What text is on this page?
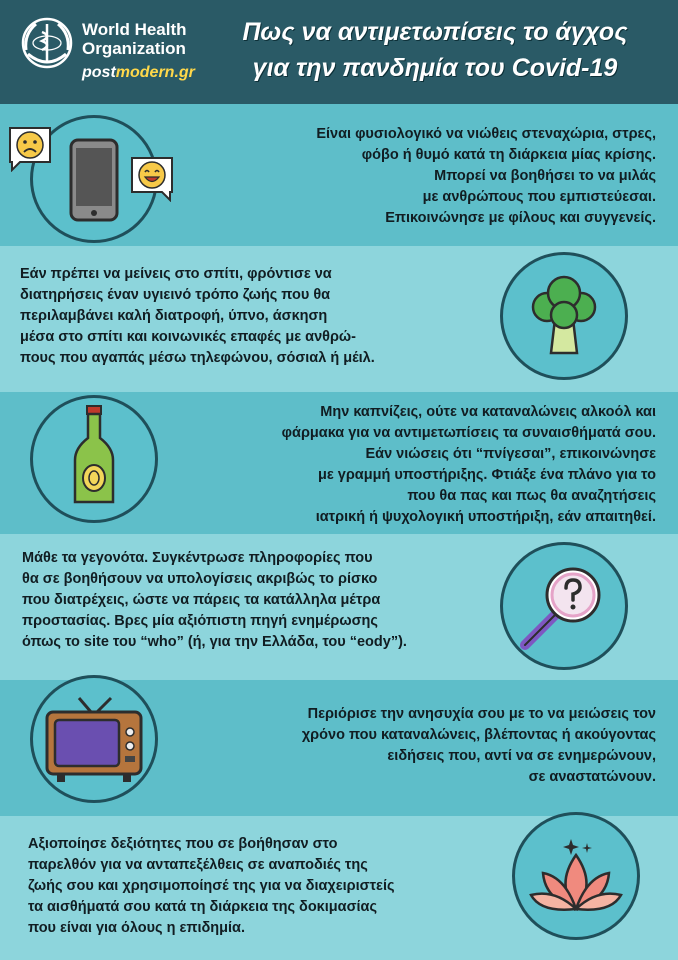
World Health
Organization
postmodern.gr
Πως να αντιμετωπίσεις το άγχος
για την πανδημία του Covid-19
Είναι φυσιολογικό να νιώθεις στεναχώρια, στρες,
φόβο ή θυμό κατά τη διάρκεια μίας κρίσης.
Μπορεί να βοηθήσει το να μιλάς
με ανθρώπους που εμπιστεύεσαι.
Επικοινώνησε με φίλους και συγγενείς.
Εάν πρέπει να μείνεις στο σπίτι, φρόντισε να
διατηρήσεις έναν υγιεινό τρόπο ζωής που θα
περιλαμβάνει καλή διατροφή, ύπνο, άσκηση
μέσα στο σπίτι και κοινωνικές επαφές με ανθρώ-
πους που αγαπάς μέσω τηλεφώνου, σόσιαλ ή μέιλ.
Μην καπνίζεις, ούτε να καταναλώνεις αλκοόλ και
φάρμακα για να αντιμετωπίσεις τα συναισθήματά σου.
Εάν νιώσεις ότι “πνίγεσαι”, επικοινώνησε
με γραμμή υποστήριξης. Φτιάξε ένα πλάνο για το
που θα πας και πως θα αναζητήσεις
ιατρική ή ψυχολογική υποστήριξη, εάν απαιτηθεί.
Μάθε τα γεγονότα. Συγκέντρωσε πληροφορίες που
θα σε βοηθήσουν να υπολογίσεις ακριβώς το ρίσκο
που διατρέχεις, ώστε να πάρεις τα κατάλληλα μέτρα
προστασίας. Βρες μία αξιόπιστη πηγή ενημέρωσης
όπως το site του “who” (ή, για την Ελλάδα, του “eody”).
Περιόρισε την ανησυχία σου με το να μειώσεις τον
χρόνο που καταναλώνεις, βλέποντας ή ακούγοντας
ειδήσεις που, αντί να σε ενημερώνουν,
σε αναστατώνουν.
Αξιοποίησε δεξιότητες που σε βοήθησαν στο
παρελθόν για να ανταπεξέλθεις σε αναποδιές της
ζωής σου και χρησιμοποίησέ της για να διαχειριστείς
τα αισθήματά σου κατά τη διάρκεια της δοκιμασίας
που είναι για όλους η επιδημία.
